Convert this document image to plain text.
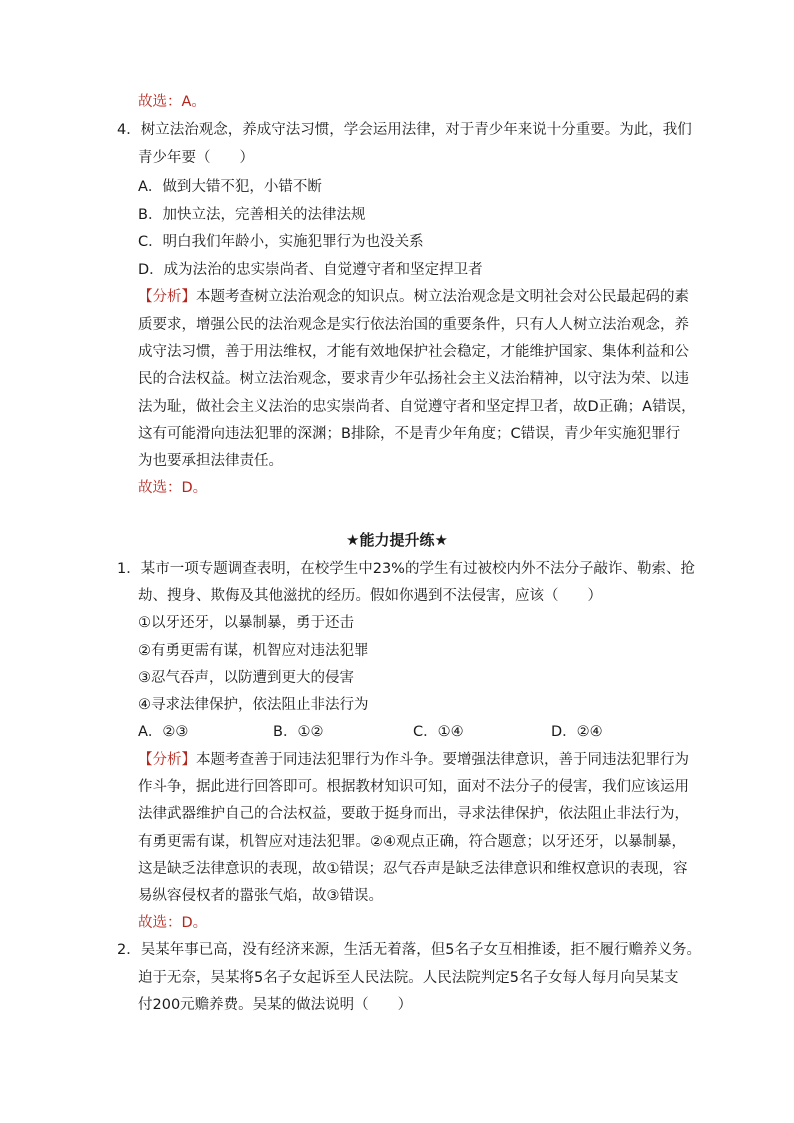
故选：A。
4．树立法治观念，养成守法习惯，学会运用法律，对于青少年来说十分重要。为此，我们
青少年要（　　）
A．做到大错不犯，小错不断
B．加快立法，完善相关的法律法规
C．明白我们年龄小，实施犯罪行为也没关系
D．成为法治的忠实崇尚者、自觉遵守者和坚定捍卫者
【分析】本题考查树立法治观念的知识点。树立法治观念是文明社会对公民最起码的素
质要求，增强公民的法治观念是实行依法治国的重要条件，只有人人树立法治观念，养
成守法习惯，善于用法维权，才能有效地保护社会稳定，才能维护国家、集体利益和公
民的合法权益。树立法治观念，要求青少年弘扬社会主义法治精神，以守法为荣、以违
法为耻，做社会主义法治的忠实崇尚者、自觉遵守者和坚定捍卫者，故D正确；A错误，
这有可能滑向违法犯罪的深渊；B排除，不是青少年角度；C错误，青少年实施犯罪行
为也要承担法律责任。
故选：D。
★能力提升练★
1．某市一项专题调查表明，在校学生中23%的学生有过被校内外不法分子敲诈、勒索、抢
劫、搜身、欺侮及其他滋扰的经历。假如你遇到不法侵害，应该（　　）
①以牙还牙，以暴制暴，勇于还击
②有勇更需有谋，机智应对违法犯罪
③忍气吞声，以防遭到更大的侵害
④寻求法律保护，依法阻止非法行为
A．②③	B．①②	C．①④	D．②④
【分析】本题考查善于同违法犯罪行为作斗争。要增强法律意识，善于同违法犯罪行为
作斗争，据此进行回答即可。根据教材知识可知，面对不法分子的侵害，我们应该运用
法律武器维护自己的合法权益，要敢于挺身而出，寻求法律保护，依法阻止非法行为，
有勇更需有谋，机智应对违法犯罪。②④观点正确，符合题意；以牙还牙，以暴制暴，
这是缺乏法律意识的表现，故①错误；忍气吞声是缺乏法律意识和维权意识的表现，容
易纵容侵权者的嚣张气焰，故③错误。
故选：D。
2．吴某年事已高，没有经济来源，生活无着落，但5名子女互相推诿，拒不履行赡养义务。
迫于无奈，吴某将5名子女起诉至人民法院。人民法院判定5名子女每人每月向吴某支
付200元赡养费。吴某的做法说明（　　）
